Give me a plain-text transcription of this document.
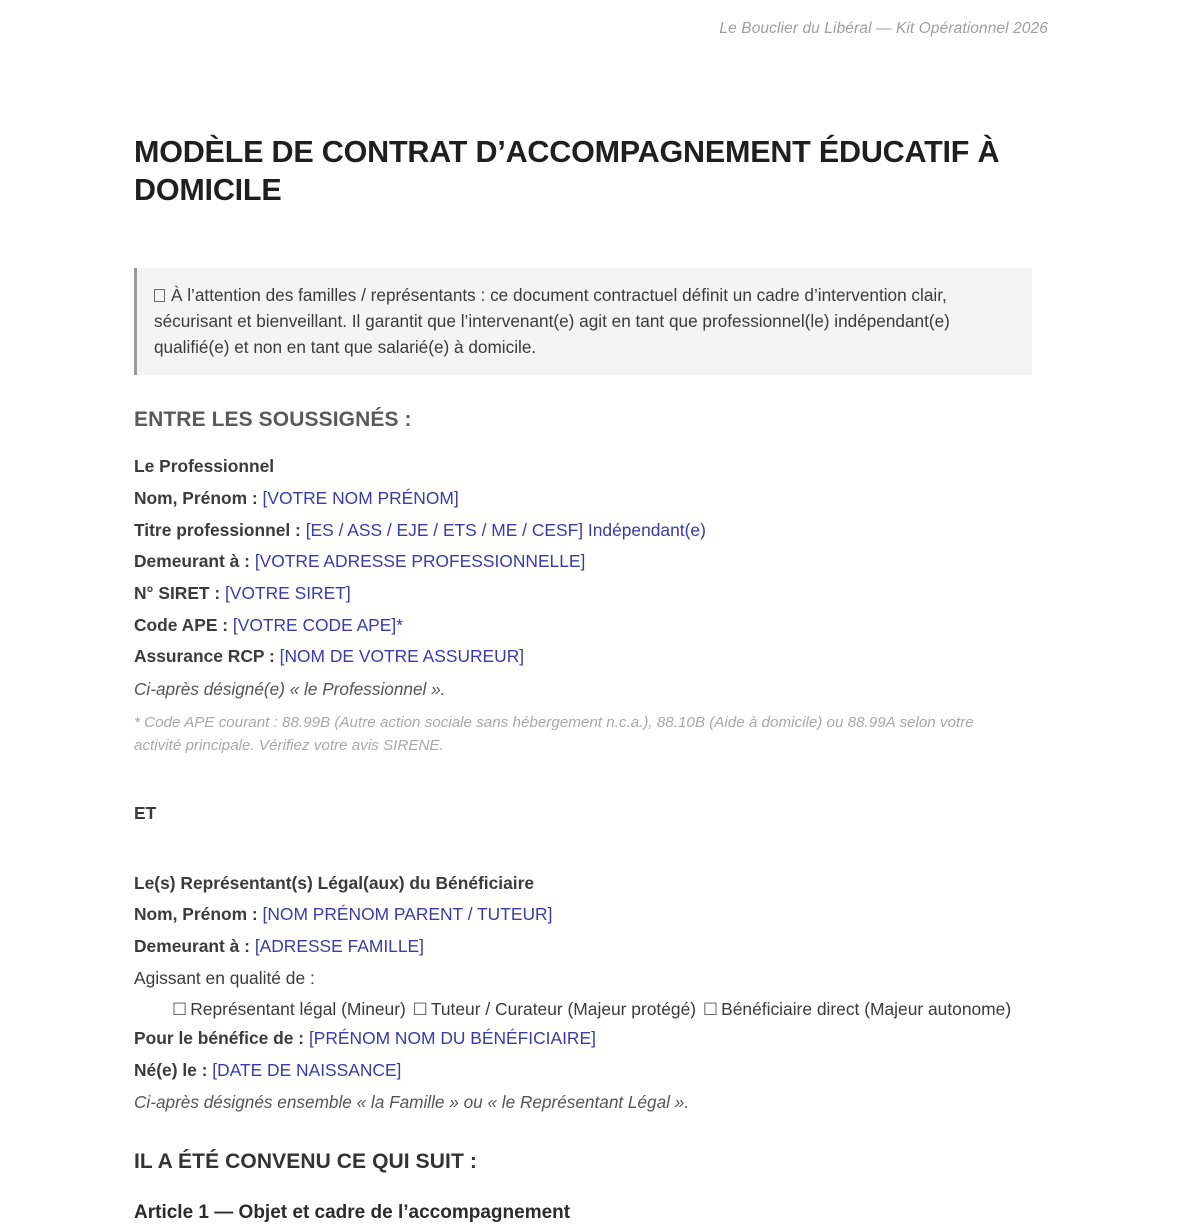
Le Bouclier du Libéral — Kit Opérationnel 2026
MODÈLE DE CONTRAT D’ACCOMPAGNEMENT ÉDUCATIF À DOMICILE
À l’attention des familles / représentants : ce document contractuel définit un cadre d’intervention clair, sécurisant et bienveillant. Il garantit que l’intervenant(e) agit en tant que professionnel(le) indépendant(e) qualifié(e) et non en tant que salarié(e) à domicile.
ENTRE LES SOUSSIGNÉS :
Le Professionnel
Nom, Prénom : [VOTRE NOM PRÉNOM]
Titre professionnel : [ES / ASS / EJE / ETS / ME / CESF] Indépendant(e)
Demeurant à : [VOTRE ADRESSE PROFESSIONNELLE]
N° SIRET : [VOTRE SIRET]
Code APE : [VOTRE CODE APE]*
Assurance RCP : [NOM DE VOTRE ASSUREUR]
Ci-après désigné(e) « le Professionnel ».
* Code APE courant : 88.99B (Autre action sociale sans hébergement n.c.a.), 88.10B (Aide à domicile) ou 88.99A selon votre activité principale. Vérifiez votre avis SIRENE.
ET
Le(s) Représentant(s) Légal(aux) du Bénéficiaire
Nom, Prénom : [NOM PRÉNOM PARENT / TUTEUR]
Demeurant à : [ADRESSE FAMILLE]
Agissant en qualité de :
☐ Représentant légal (Mineur) ☐ Tuteur / Curateur (Majeur protégé) ☐ Bénéficiaire direct (Majeur autonome)
Pour le bénéfice de : [PRÉNOM NOM DU BÉNÉFICIAIRE]
Né(e) le : [DATE DE NAISSANCE]
Ci-après désignés ensemble « la Famille » ou « le Représentant Légal ».
IL A ÉTÉ CONVENU CE QUI SUIT :
Article 1 — Objet et cadre de l’accompagnement
